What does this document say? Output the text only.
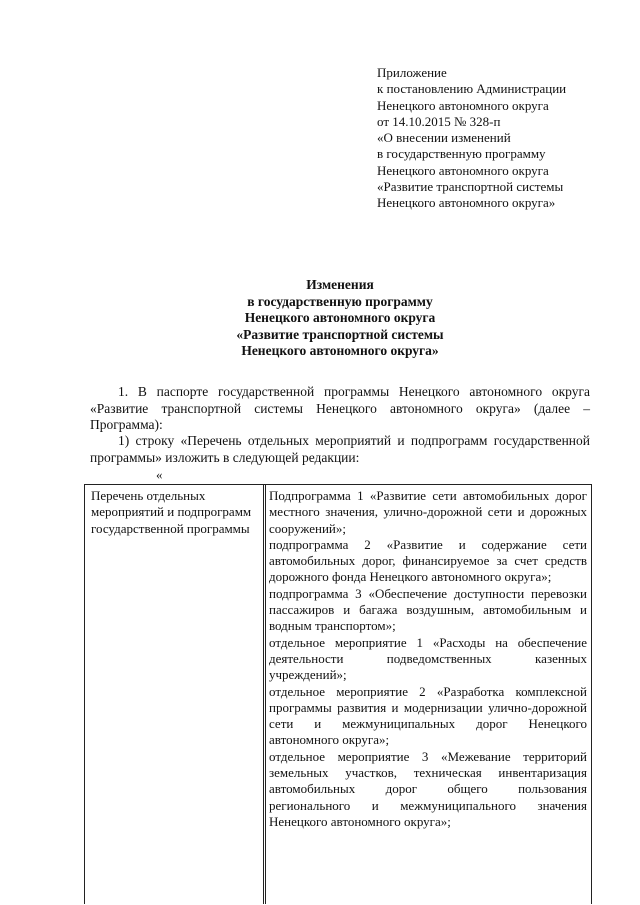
Приложение
к постановлению Администрации
Ненецкого автономного округа
от 14.10.2015 № 328-п
«О внесении изменений
в государственную программу
Ненецкого автономного округа
«Развитие транспортной системы
Ненецкого автономного округа»
Изменения
в государственную программу
Ненецкого автономного округа
«Развитие транспортной системы
Ненецкого автономного округа»
1. В паспорте государственной программы Ненецкого автономного округа «Развитие транспортной системы Ненецкого автономного округа» (далее – Программа):
1) строку «Перечень отдельных мероприятий и подпрограмм государственной программы» изложить в следующей редакции:
«
Перечень отдельных мероприятий и подпрограмм государственной программы
Подпрограмма 1 «Развитие сети автомобильных дорог местного значения, улично-дорожной сети и дорожных сооружений»;
подпрограмма 2 «Развитие и содержание сети автомобильных дорог, финансируемое за счет средств дорожного фонда Ненецкого автономного округа»;
подпрограмма 3 «Обеспечение доступности перевозки пассажиров и багажа воздушным, автомобильным и водным транспортом»;
отдельное мероприятие 1 «Расходы на обеспечение деятельности подведомственных казенных учреждений»;
отдельное мероприятие 2 «Разработка комплексной программы развития и модернизации улично-дорожной сети и межмуниципальных дорог Ненецкого автономного округа»;
отдельное мероприятие 3 «Межевание территорий земельных участков, техническая инвентаризация автомобильных дорог общего пользования регионального и межмуниципального значения Ненецкого автономного округа»;
